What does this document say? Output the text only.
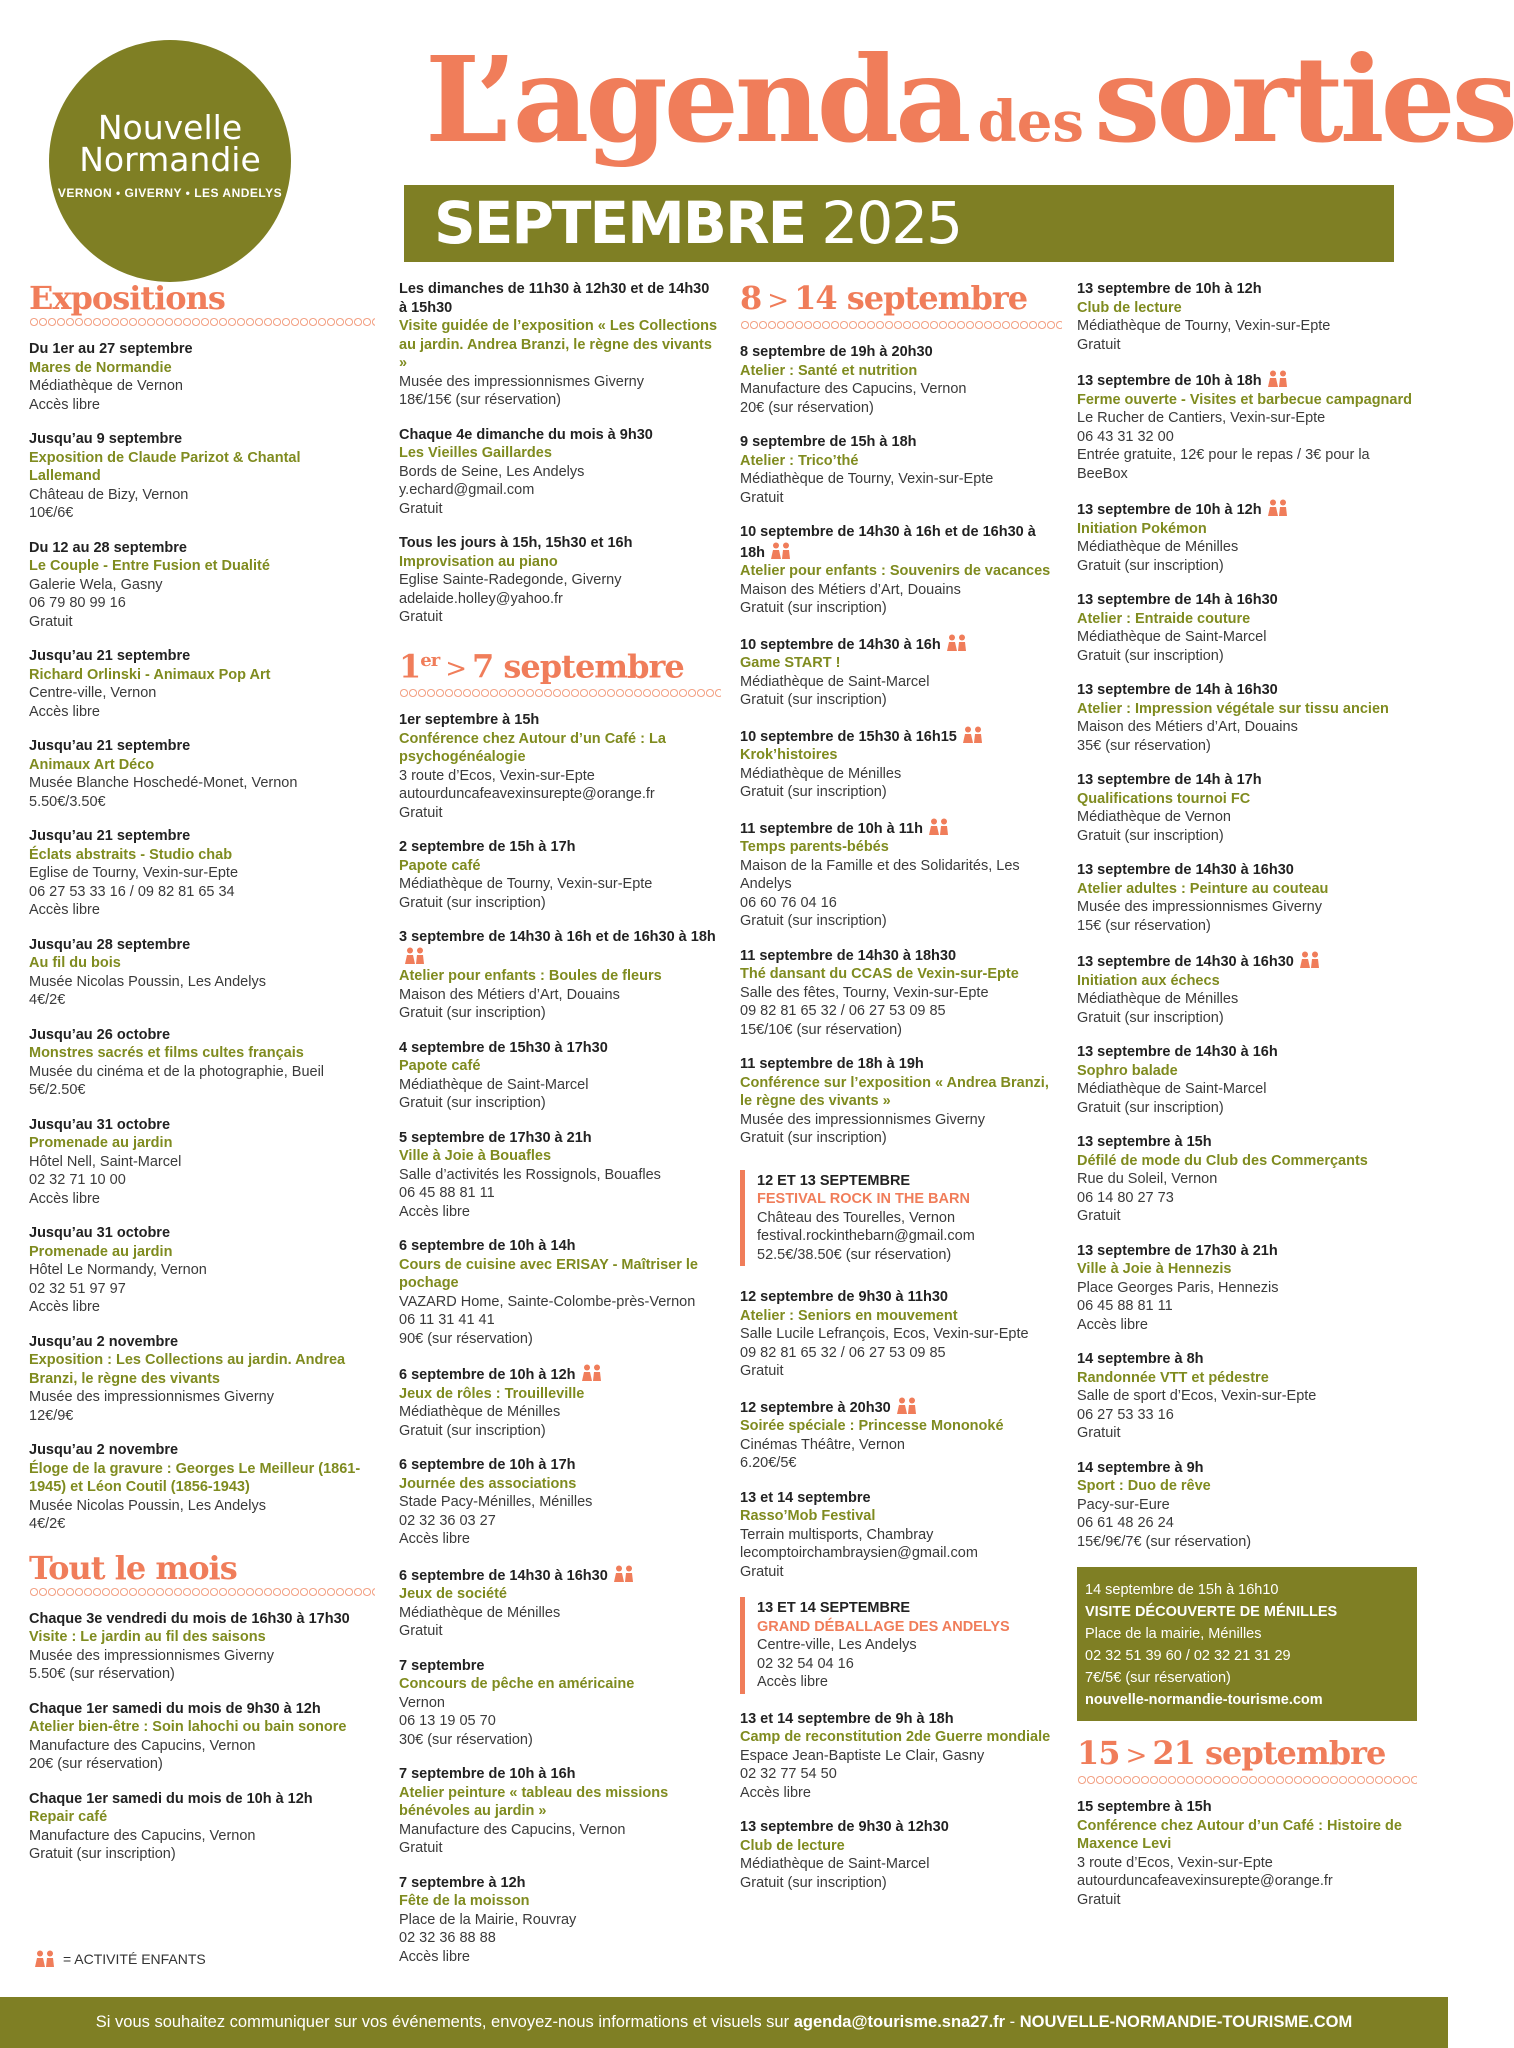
Nouvelle
Normandie
VERNON • GIVERNY • LES ANDELYS
L’agenda dessorties
SEPTEMBRE 2025
Expositions
Du 1er au 27 septembre
Mares de Normandie
Médiathèque de Vernon
Accès libre
Jusqu’au 9 septembre
Exposition de Claude Parizot & Chantal Lallemand
Château de Bizy, Vernon
10€/6€
Du 12 au 28 septembre
Le Couple - Entre Fusion et Dualité
Galerie Wela, Gasny
06 79 80 99 16
Gratuit
Jusqu’au 21 septembre
Richard Orlinski - Animaux Pop Art
Centre-ville, Vernon
Accès libre
Jusqu’au 21 septembre
Animaux Art Déco
Musée Blanche Hoschedé-Monet, Vernon
5.50€/3.50€
Jusqu’au 21 septembre
Éclats abstraits - Studio chab
Eglise de Tourny, Vexin-sur-Epte
06 27 53 33 16 / 09 82 81 65 34
Accès libre
Jusqu’au 28 septembre
Au fil du bois
Musée Nicolas Poussin, Les Andelys
4€/2€
Jusqu’au 26 octobre
Monstres sacrés et films cultes français
Musée du cinéma et de la photographie, Bueil
5€/2.50€
Jusqu’au 31 octobre
Promenade au jardin
Hôtel Nell, Saint-Marcel
02 32 71 10 00
Accès libre
Jusqu’au 31 octobre
Promenade au jardin
Hôtel Le Normandy, Vernon
02 32 51 97 97
Accès libre
Jusqu’au 2 novembre
Exposition : Les Collections au jardin. Andrea Branzi, le règne des vivants
Musée des impressionnismes Giverny
12€/9€
Jusqu’au 2 novembre
Éloge de la gravure : Georges Le Meilleur (1861-1945) et Léon Coutil (1856-1943)
Musée Nicolas Poussin, Les Andelys
4€/2€
Tout le mois
Chaque 3e vendredi du mois de 16h30 à 17h30
Visite : Le jardin au fil des saisons
Musée des impressionnismes Giverny
5.50€ (sur réservation)
Chaque 1er samedi du mois de 9h30 à 12h
Atelier bien-être : Soin lahochi ou bain sonore
Manufacture des Capucins, Vernon
20€ (sur réservation)
Chaque 1er samedi du mois de 10h à 12h
Repair café
Manufacture des Capucins, Vernon
Gratuit (sur inscription)
Les dimanches de 11h30 à 12h30 et de 14h30 à 15h30
Visite guidée de l’exposition « Les Collections au jardin. Andrea Branzi, le règne des vivants »
Musée des impressionnismes Giverny
18€/15€ (sur réservation)
Chaque 4e dimanche du mois à 9h30
Les Vieilles Gaillardes
Bords de Seine, Les Andelys
y.echard@gmail.com
Gratuit
Tous les jours à 15h, 15h30 et 16h
Improvisation au piano
Eglise Sainte-Radegonde, Giverny
adelaide.holley@yahoo.fr
Gratuit
1er > 7 septembre
1er septembre à 15h
Conférence chez Autour d’un Café : La psychogénéalogie
3 route d’Ecos, Vexin-sur-Epte
autourduncafeavexinsurepte@orange.fr
Gratuit
2 septembre de 15h à 17h
Papote café
Médiathèque de Tourny, Vexin-sur-Epte
Gratuit (sur inscription)
3 septembre de 14h30 à 16h et de 16h30 à 18h
Atelier pour enfants : Boules de fleurs
Maison des Métiers d’Art, Douains
Gratuit (sur inscription)
4 septembre de 15h30 à 17h30
Papote café
Médiathèque de Saint-Marcel
Gratuit (sur inscription)
5 septembre de 17h30 à 21h
Ville à Joie à Bouafles
Salle d’activités les Rossignols, Bouafles
06 45 88 81 11
Accès libre
6 septembre de 10h à 14h
Cours de cuisine avec ERISAY - Maîtriser le pochage
VAZARD Home, Sainte-Colombe-près-Vernon
06 11 31 41 41
90€ (sur réservation)
6 septembre de 10h à 12h
Jeux de rôles : Trouilleville
Médiathèque de Ménilles
Gratuit (sur inscription)
6 septembre de 10h à 17h
Journée des associations
Stade Pacy-Ménilles, Ménilles
02 32 36 03 27
Accès libre
6 septembre de 14h30 à 16h30
Jeux de société
Médiathèque de Ménilles
Gratuit
7 septembre
Concours de pêche en américaine
Vernon
06 13 19 05 70
30€ (sur réservation)
7 septembre de 10h à 16h
Atelier peinture « tableau des missions bénévoles au jardin »
Manufacture des Capucins, Vernon
Gratuit
7 septembre à 12h
Fête de la moisson
Place de la Mairie, Rouvray
02 32 36 88 88
Accès libre
8 > 14 septembre
8 septembre de 19h à 20h30
Atelier : Santé et nutrition
Manufacture des Capucins, Vernon
20€ (sur réservation)
9 septembre de 15h à 18h
Atelier : Trico’thé
Médiathèque de Tourny, Vexin-sur-Epte
Gratuit
10 septembre de 14h30 à 16h et de 16h30 à 18h
Atelier pour enfants : Souvenirs de vacances
Maison des Métiers d’Art, Douains
Gratuit (sur inscription)
10 septembre de 14h30 à 16h
Game START !
Médiathèque de Saint-Marcel
Gratuit (sur inscription)
10 septembre de 15h30 à 16h15
Krok’histoires
Médiathèque de Ménilles
Gratuit (sur inscription)
11 septembre de 10h à 11h
Temps parents-bébés
Maison de la Famille et des Solidarités, Les Andelys
06 60 76 04 16
Gratuit (sur inscription)
11 septembre de 14h30 à 18h30
Thé dansant du CCAS de Vexin-sur-Epte
Salle des fêtes, Tourny, Vexin-sur-Epte
09 82 81 65 32 / 06 27 53 09 85
15€/10€ (sur réservation)
11 septembre de 18h à 19h
Conférence sur l’exposition « Andrea Branzi, le règne des vivants »
Musée des impressionnismes Giverny
Gratuit (sur inscription)
12 ET 13 SEPTEMBRE
FESTIVAL ROCK IN THE BARN
Château des Tourelles, Vernon
festival.rockinthebarn@gmail.com
52.5€/38.50€ (sur réservation)
12 septembre de 9h30 à 11h30
Atelier : Seniors en mouvement
Salle Lucile Lefrançois, Ecos, Vexin-sur-Epte
09 82 81 65 32 / 06 27 53 09 85
Gratuit
12 septembre à 20h30
Soirée spéciale : Princesse Mononoké
Cinémas Théâtre, Vernon
6.20€/5€
13 et 14 septembre
Rasso’Mob Festival
Terrain multisports, Chambray
lecomptoirchambraysien@gmail.com
Gratuit
13 ET 14 SEPTEMBRE
GRAND DÉBALLAGE DES ANDELYS
Centre-ville, Les Andelys
02 32 54 04 16
Accès libre
13 et 14 septembre de 9h à 18h
Camp de reconstitution 2de Guerre mondiale
Espace Jean-Baptiste Le Clair, Gasny
02 32 77 54 50
Accès libre
13 septembre de 9h30 à 12h30
Club de lecture
Médiathèque de Saint-Marcel
Gratuit (sur inscription)
13 septembre de 10h à 12h
Club de lecture
Médiathèque de Tourny, Vexin-sur-Epte
Gratuit
13 septembre de 10h à 18h
Ferme ouverte - Visites et barbecue campagnard
Le Rucher de Cantiers, Vexin-sur-Epte
06 43 31 32 00
Entrée gratuite, 12€ pour le repas / 3€ pour la BeeBox
13 septembre de 10h à 12h
Initiation Pokémon
Médiathèque de Ménilles
Gratuit (sur inscription)
13 septembre de 14h à 16h30
Atelier : Entraide couture
Médiathèque de Saint-Marcel
Gratuit (sur inscription)
13 septembre de 14h à 16h30
Atelier : Impression végétale sur tissu ancien
Maison des Métiers d’Art, Douains
35€ (sur réservation)
13 septembre de 14h à 17h
Qualifications tournoi FC
Médiathèque de Vernon
Gratuit (sur inscription)
13 septembre de 14h30 à 16h30
Atelier adultes : Peinture au couteau
Musée des impressionnismes Giverny
15€ (sur réservation)
13 septembre de 14h30 à 16h30
Initiation aux échecs
Médiathèque de Ménilles
Gratuit (sur inscription)
13 septembre de 14h30 à 16h
Sophro balade
Médiathèque de Saint-Marcel
Gratuit (sur inscription)
13 septembre à 15h
Défilé de mode du Club des Commerçants
Rue du Soleil, Vernon
06 14 80 27 73
Gratuit
13 septembre de 17h30 à 21h
Ville à Joie à Hennezis
Place Georges Paris, Hennezis
06 45 88 81 11
Accès libre
14 septembre à 8h
Randonnée VTT et pédestre
Salle de sport d’Ecos, Vexin-sur-Epte
06 27 53 33 16
Gratuit
14 septembre à 9h
Sport : Duo de rêve
Pacy-sur-Eure
06 61 48 26 24
15€/9€/7€ (sur réservation)
14 septembre de 15h à 16h10
VISITE DÉCOUVERTE DE MÉNILLES
Place de la mairie, Ménilles
02 32 51 39 60 / 02 32 21 31 29
7€/5€ (sur réservation)
nouvelle-normandie-tourisme.com
15 > 21 septembre
15 septembre à 15h
Conférence chez Autour d’un Café : Histoire de Maxence Levi
3 route d’Ecos, Vexin-sur-Epte
autourduncafeavexinsurepte@orange.fr
Gratuit
= ACTIVITÉ ENFANTS
Si vous souhaitez communiquer sur vos événements, envoyez-nous informations et visuels sur agenda@tourisme.sna27.fr - NOUVELLE-NORMANDIE-TOURISME.COM
